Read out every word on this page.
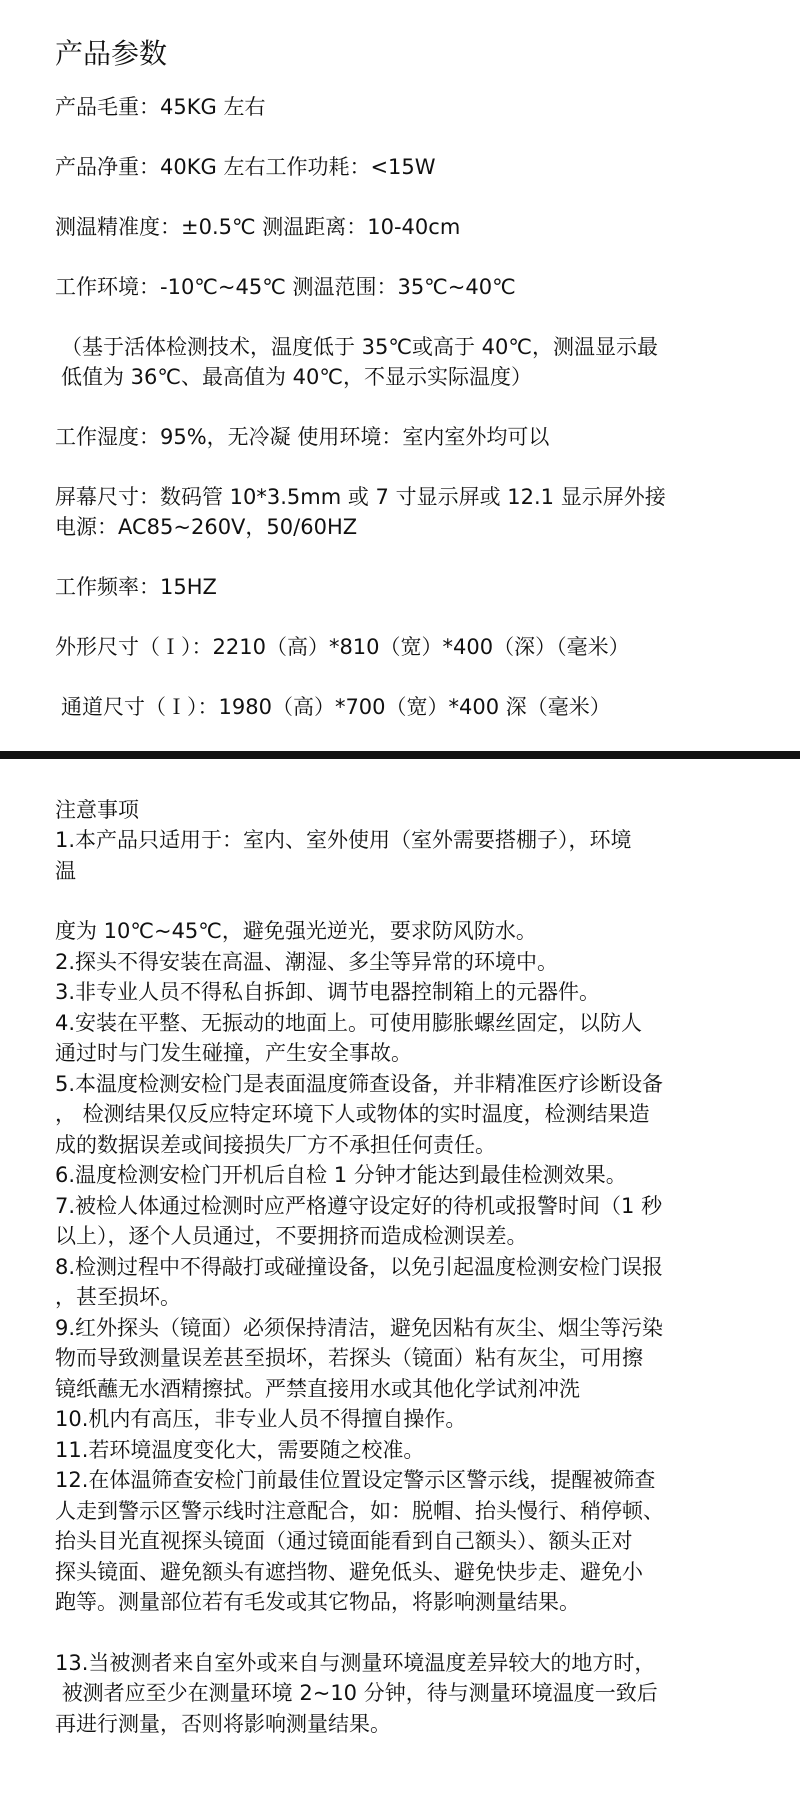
产品参数

产品毛重：45KG 左右

产品净重：40KG 左右工作功耗：<15W

测温精准度：±0.5℃ 测温距离：10-40cm

工作环境：-10℃~45℃ 测温范围：35℃~40℃

（基于活体检测技术，温度低于 35℃或高于 40℃，测温显示最
低值为 36℃、最高值为 40℃，不显示实际温度）

工作湿度：95%，无冷凝 使用环境：室内室外均可以

屏幕尺寸：数码管 10*3.5mm 或 7 寸显示屏或 12.1 显示屏外接
电源：AC85~260V，50/60HZ

工作频率：15HZ

外形尺寸（Ｉ）：2210（高）*810（宽）*400（深）（毫米）

通道尺寸（Ｉ）：1980（高）*700（宽）*400 深（毫米）

注意事项

1.本产品只适用于：室内、室外使用（室外需要搭棚子），环境
温

度为 10℃~45℃，避免强光逆光，要求防风防水。

2.探头不得安装在高温、潮湿、多尘等异常的环境中。

3.非专业人员不得私自拆卸、调节电器控制箱上的元器件。

4.安装在平整、无振动的地面上。可使用膨胀螺丝固定，以防人
通过时与门发生碰撞，产生安全事故。

5.本温度检测安检门是表面温度筛查设备，并非精准医疗诊断设备
， 检测结果仅反应特定环境下人或物体的实时温度，检测结果造
成的数据误差或间接损失厂方不承担任何责任。

6.温度检测安检门开机后自检 1 分钟才能达到最佳检测效果。

7.被检人体通过检测时应严格遵守设定好的待机或报警时间（1 秒
以上），逐个人员通过，不要拥挤而造成检测误差。

8.检测过程中不得敲打或碰撞设备，以免引起温度检测安检门误报
，甚至损坏。

9.红外探头（镜面）必须保持清洁，避免因粘有灰尘、烟尘等污染
物而导致测量误差甚至损坏，若探头（镜面）粘有灰尘，可用擦
镜纸蘸无水酒精擦拭。严禁直接用水或其他化学试剂冲洗

10.机内有高压，非专业人员不得擅自操作。

11.若环境温度变化大，需要随之校准。

12.在体温筛查安检门前最佳位置设定警示区警示线，提醒被筛查
人走到警示区警示线时注意配合，如：脱帽、抬头慢行、稍停顿、
抬头目光直视探头镜面（通过镜面能看到自己额头）、额头正对
探头镜面、避免额头有遮挡物、避免低头、避免快步走、避免小
跑等。测量部位若有毛发或其它物品，将影响测量结果。

13.当被测者来自室外或来自与测量环境温度差异较大的地方时，
被测者应至少在测量环境 2~10 分钟，待与测量环境温度一致后
再进行测量，否则将影响测量结果。
